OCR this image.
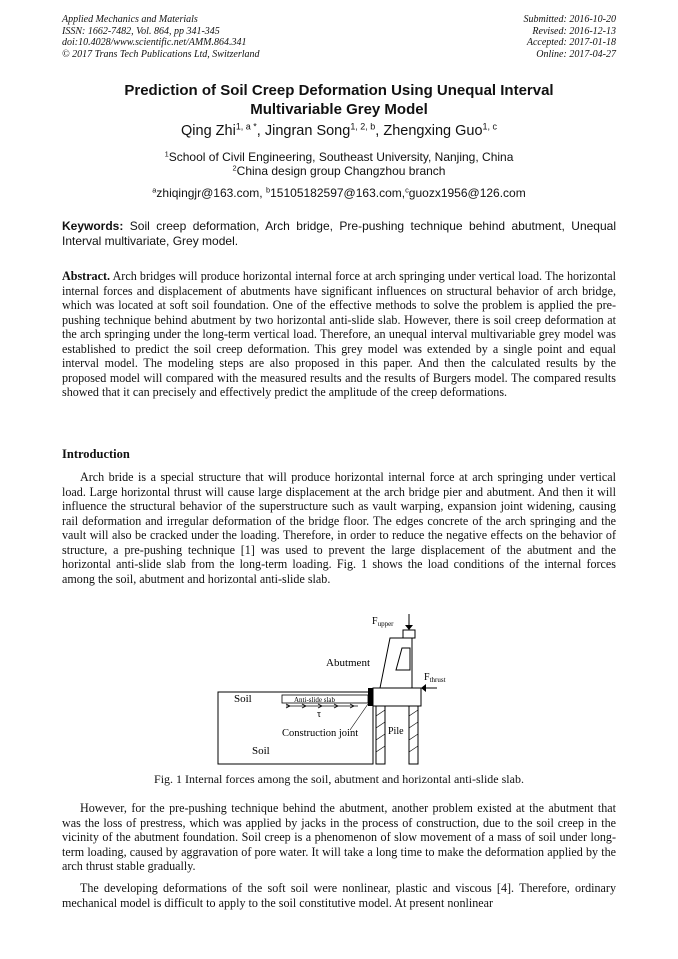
Applied Mechanics and Materials
ISSN: 1662-7482, Vol. 864, pp 341-345
doi:10.4028/www.scientific.net/AMM.864.341
© 2017 Trans Tech Publications Ltd, Switzerland
Submitted: 2016-10-20
Revised: 2016-12-13
Accepted: 2017-01-18
Online: 2017-04-27
Prediction of Soil Creep Deformation Using Unequal Interval
Multivariable Grey Model
Qing Zhi$^{1, a *}$, Jingran Song$^{1, 2, b}$, Zhengxing Guo$^{1, c}$
$^1$School of Civil Engineering, Southeast University, Nanjing, China
$^2$China design group Changzhou branch
$^a$zhiqingjr@163.com, $^b$15105182597@163.com,$^c$guozx1956@126.com
Keywords: Soil creep deformation, Arch bridge, Pre-pushing technique behind abutment, Unequal Interval multivariate, Grey model.

Abstract. Arch bridges will produce horizontal internal force at arch springing under vertical load. The horizontal internal forces and displacement of abutments have significant influences on structural behavior of arch bridge, which was located at soft soil foundation. One of the effective methods to solve the problem is applied the pre-pushing technique behind abutment by two horizontal anti-slide slab. However, there is soil creep deformation at the arch springing under the long-term vertical load. Therefore, an unequal interval multivariable grey model was established to predict the soil creep deformation. This grey model was extended by a single point and equal interval model. The modeling steps are also proposed in this paper. And then the calculated results by the proposed model will compared with the measured results and the results of Burgers model. The compared results showed that it can precisely and effectively predict the amplitude of the creep deformations.

Introduction

Arch bride is a special structure that will produce horizontal internal force at arch springing under vertical load. Large horizontal thrust will cause large displacement at the arch bridge pier and abutment. And then it will influence the structural behavior of the superstructure such as vault warping, expansion joint widening, causing rail deformation and irregular deformation of the bridge floor. The edges concrete of the arch springing and the vault will also be cracked under the loading. Therefore, in order to reduce the negative effects on the behavior of structure, a pre-pushing technique [1] was used to prevent the large displacement of the abutment and the horizontal anti-slide slab from the long-term loading. Fig. 1 shows the load conditions of the internal forces among the soil, abutment and horizontal anti-slide slab.

$F_{upper}$
Abutment
$F_{thrust}$
Soil	Anti-slide slab
τ
Construction joint	Pile
Soil
Fig. 1 Internal forces among the soil, abutment and horizontal anti-slide slab.

However, for the pre-pushing technique behind the abutment, another problem existed at the abutment that was the loss of prestress, which was applied by jacks in the process of construction, due to the soil creep in the vicinity of the abutment foundation. Soil creep is a phenomenon of slow movement of a mass of soil under long-term loading, caused by aggravation of pore water. It will take a long time to make the deformation applied by the arch thrust stable gradually.

The developing deformations of the soft soil were nonlinear, plastic and viscous [4]. Therefore, ordinary mechanical model is difficult to apply to the soil constitutive model. At present nonlinear
